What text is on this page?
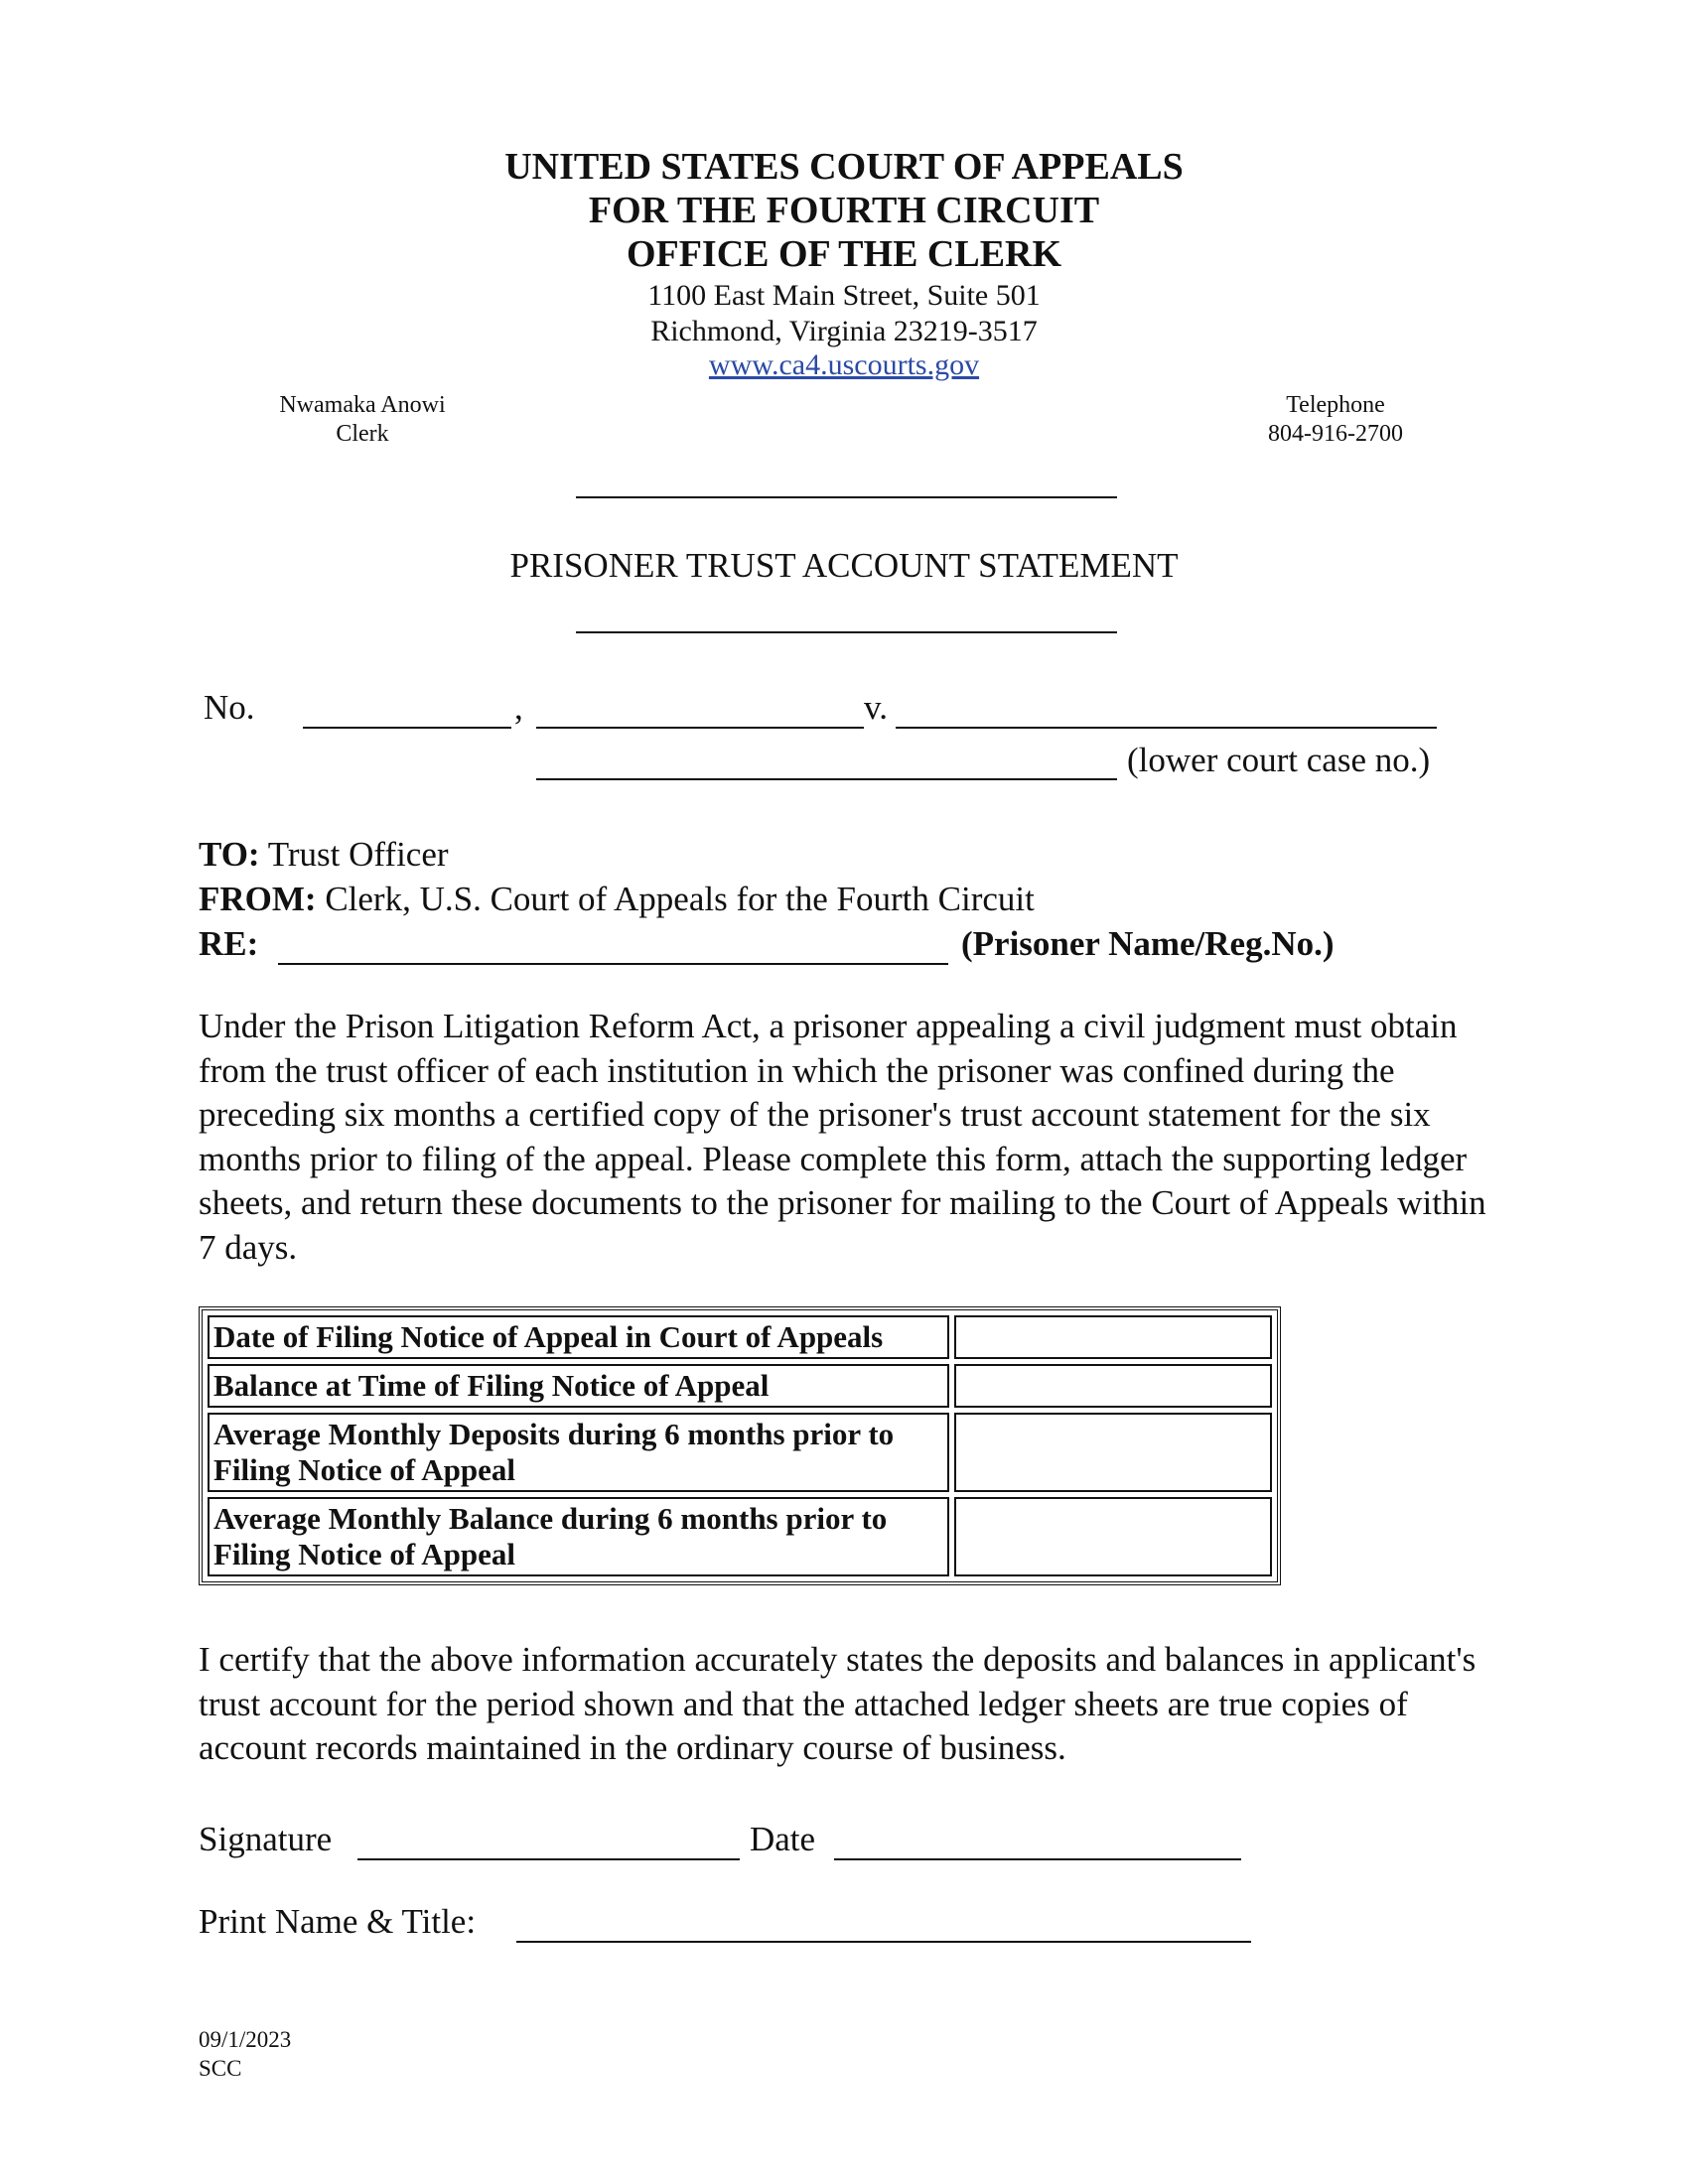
UNITED STATES COURT OF APPEALS
FOR THE FOURTH CIRCUIT
OFFICE OF THE CLERK
1100 East Main Street, Suite 501
Richmond, Virginia 23219-3517
www.ca4.uscourts.gov
Nwamaka Anowi
Clerk
Telephone
804-916-2700
PRISONER TRUST ACCOUNT STATEMENT
No.	,	v.
(lower court case no.)
TO: Trust Officer
FROM: Clerk, U.S. Court of Appeals for the Fourth Circuit
RE:	(Prisoner Name/Reg.No.)
Under the Prison Litigation Reform Act, a prisoner appealing a civil judgment must obtain from the trust officer of each institution in which the prisoner was confined during the preceding six months a certified copy of the prisoner's trust account statement for the six months prior to filing of the appeal. Please complete this form, attach the supporting ledger sheets, and return these documents to the prisoner for mailing to the Court of Appeals within 7 days.
Date of Filing Notice of Appeal in Court of Appeals	
Balance at Time of Filing Notice of Appeal	
Average Monthly Deposits during 6 months prior to Filing Notice of Appeal	
Average Monthly Balance during 6 months prior to Filing Notice of Appeal	
I certify that the above information accurately states the deposits and balances in applicant's trust account for the period shown and that the attached ledger sheets are true copies of account records maintained in the ordinary course of business.
Signature	Date
Print Name & Title:
09/1/2023
SCC
